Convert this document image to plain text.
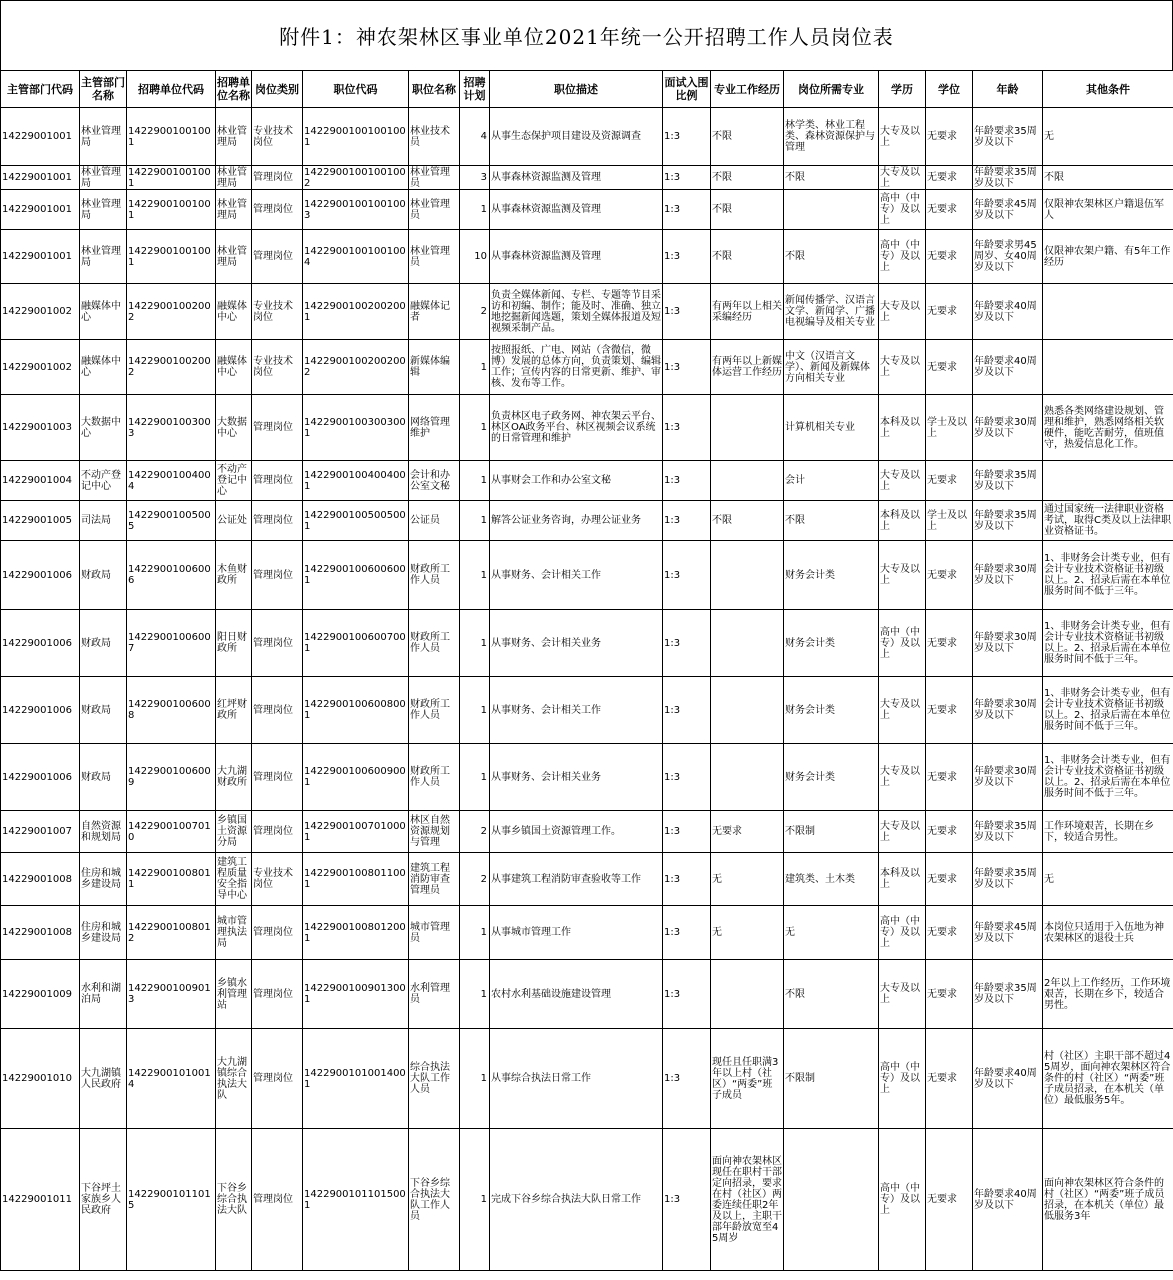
附件1：神农架林区事业单位2021年统一公开招聘工作人员岗位表
主管部门代码	主管部门名称	招聘单位代码	招聘单位名称	岗位类别	职位代码	职位名称	招聘计划	职位描述	面试入围比例	专业工作经历	岗位所需专业	学历	学位	年龄	其他条件
14229001001	林业管理局	14229001001001	林业管理局	专业技术岗位	14229001001001001	林业技术员	4	从事生态保护项目建设及资源调查	1:3	不限	林学类、林业工程类、森林资源保护与管理	大专及以上	无要求	年龄要求35周岁及以下	无
14229001001	林业管理局	14229001001001	林业管理局	管理岗位	14229001001001002	林业管理员	3	从事森林资源监测及管理	1:3	不限	不限	大专及以上	无要求	年龄要求35周岁及以下	不限
14229001001	林业管理局	14229001001001	林业管理局	管理岗位	14229001001001003	林业管理员	1	从事森林资源监测及管理	1:3	不限		高中（中专）及以上	无要求	年龄要求45周岁及以下	仅限神农架林区户籍退伍军人
14229001001	林业管理局	14229001001001	林业管理局	管理岗位	14229001001001004	林业管理员	10	从事森林资源监测及管理	1:3	不限	不限	高中（中专）及以上	无要求	年龄要求男45周岁、女40周岁及以下	仅限神农架户籍、有5年工作经历
14229001002	融媒体中心	14229001002002	融媒体中心	专业技术岗位	14229001002002001	融媒体记者	2	负责全媒体新闻、专栏、专题等节目采访和初编、制作；能及时、准确、独立地挖掘新闻选题，策划全媒体报道及短视频采制产品。	1:3	有两年以上相关采编经历	新闻传播学、汉语言文学、新闻学、广播电视编导及相关专业	大专及以上	无要求	年龄要求40周岁及以下	
14229001002	融媒体中心	14229001002002	融媒体中心	专业技术岗位	14229001002002002	新媒体编辑	1	按照报纸、广电、网站（含微信，微博）发展的总体方向，负责策划、编辑工作；宣传内容的日常更新、维护、审核、发布等工作。	1:3	有两年以上新媒体运营工作经历	中文（汉语言文学）、新闻及新媒体方向相关专业	大专及以上	无要求	年龄要求40周岁及以下	
14229001003	大数据中心	14229001003003	大数据中心	管理岗位	14229001003003001	网络管理维护	1	负责林区电子政务网、神农架云平台、林区OA政务平台、林区视频会议系统的日常管理和维护	1:3		计算机相关专业	本科及以上	学士及以上	年龄要求30周岁及以下	熟悉各类网络建设规划、管理和维护，熟悉网络相关软硬件，能吃苦耐劳，值班值守，热爱信息化工作。
14229001004	不动产登记中心	14229001004004	不动产登记中心	管理岗位	14229001004004001	会计和办公室文秘	1	从事财会工作和办公室文秘	1:3		会计	大专及以上	无要求	年龄要求35周岁及以下	
14229001005	司法局	14229001005005	公证处	管理岗位	14229001005005001	公证员	1	解答公证业务咨询，办理公证业务	1:3	不限	不限	本科及以上	学士及以上	年龄要求35周岁及以下	通过国家统一法律职业资格考试，取得C类及以上法律职业资格证书。
14229001006	财政局	14229001006006	木鱼财政所	管理岗位	14229001006006001	财政所工作人员	1	从事财务、会计相关工作	1:3		财务会计类	大专及以上	无要求	年龄要求30周岁及以下	1、非财务会计类专业，但有会计专业技术资格证书初级以上。2、招录后需在本单位服务时间不低于三年。
14229001006	财政局	14229001006007	阳日财政所	管理岗位	14229001006007001	财政所工作人员	1	从事财务、会计相关业务	1:3		财务会计类	高中（中专）及以上	无要求	年龄要求30周岁及以下	1、非财务会计类专业，但有会计专业技术资格证书初级以上。2、招录后需在本单位服务时间不低于三年。
14229001006	财政局	14229001006008	红坪财政所	管理岗位	14229001006008001	财政所工作人员	1	从事财务、会计相关工作	1:3		财务会计类	大专及以上	无要求	年龄要求30周岁及以下	1、非财务会计类专业，但有会计专业技术资格证书初级以上。2、招录后需在本单位服务时间不低于三年。
14229001006	财政局	14229001006009	大九湖财政所	管理岗位	14229001006009001	财政所工作人员	1	从事财务、会计相关业务	1:3		财务会计类	大专及以上	无要求	年龄要求30周岁及以下	1、非财务会计类专业，但有会计专业技术资格证书初级以上。2、招录后需在本单位服务时间不低于三年。
14229001007	自然资源和规划局	14229001007010	乡镇国土资源分局	管理岗位	14229001007010001	林区自然资源规划与管理	2	从事乡镇国土资源管理工作。	1:3	无要求	不限制	大专及以上	无要求	年龄要求35周岁及以下	工作环境艰苦，长期在乡下，较适合男性。
14229001008	住房和城乡建设局	14229001008011	建筑工程质量安全指导中心	专业技术岗位	14229001008011001	建筑工程消防审查管理员	2	从事建筑工程消防审查验收等工作	1:3	无	建筑类、土木类	本科及以上	无要求	年龄要求35周岁及以下	无
14229001008	住房和城乡建设局	14229001008012	城市管理执法局	管理岗位	14229001008012001	城市管理员	1	从事城市管理工作	1:3	无	无	高中（中专）及以上	无要求	年龄要求45周岁及以下	本岗位只适用于入伍地为神农架林区的退役士兵
14229001009	水利和湖泊局	14229001009013	乡镇水利管理站	管理岗位	14229001009013001	水利管理员	1	农村水利基础设施建设管理	1:3		不限	大专及以上	无要求	年龄要求35周岁及以下	2年以上工作经历，工作环境艰苦，长期在乡下，较适合男性。
14229001010	大九湖镇人民政府	14229001010014	大九湖镇综合执法大队	管理岗位	14229001010014001	综合执法大队工作人员	1	从事综合执法日常工作	1:3	现任且任职满3年以上村（社区）“两委”班子成员	不限制	高中（中专）及以上	无要求	年龄要求40周岁及以下	村（社区）主职干部不超过45周岁，面向神农架林区符合条件的村（社区）“两委”班子成员招录，在本机关（单位）最低服务5年。
14229001011	下谷坪土家族乡人民政府	14229001011015	下谷乡综合执法大队	管理岗位	14229001011015001	下谷乡综合执法大队工作人员	1	完成下谷乡综合执法大队日常工作	1:3	面向神农架林区现任在职村干部定向招录，要求在村（社区）两委连续任职2年及以上，主职干部年龄放宽至45周岁		高中（中专）及以上	无要求	年龄要求40周岁及以下	面向神农架林区符合条件的村（社区）“两委”班子成员招录，在本机关（单位）最低服务3年
